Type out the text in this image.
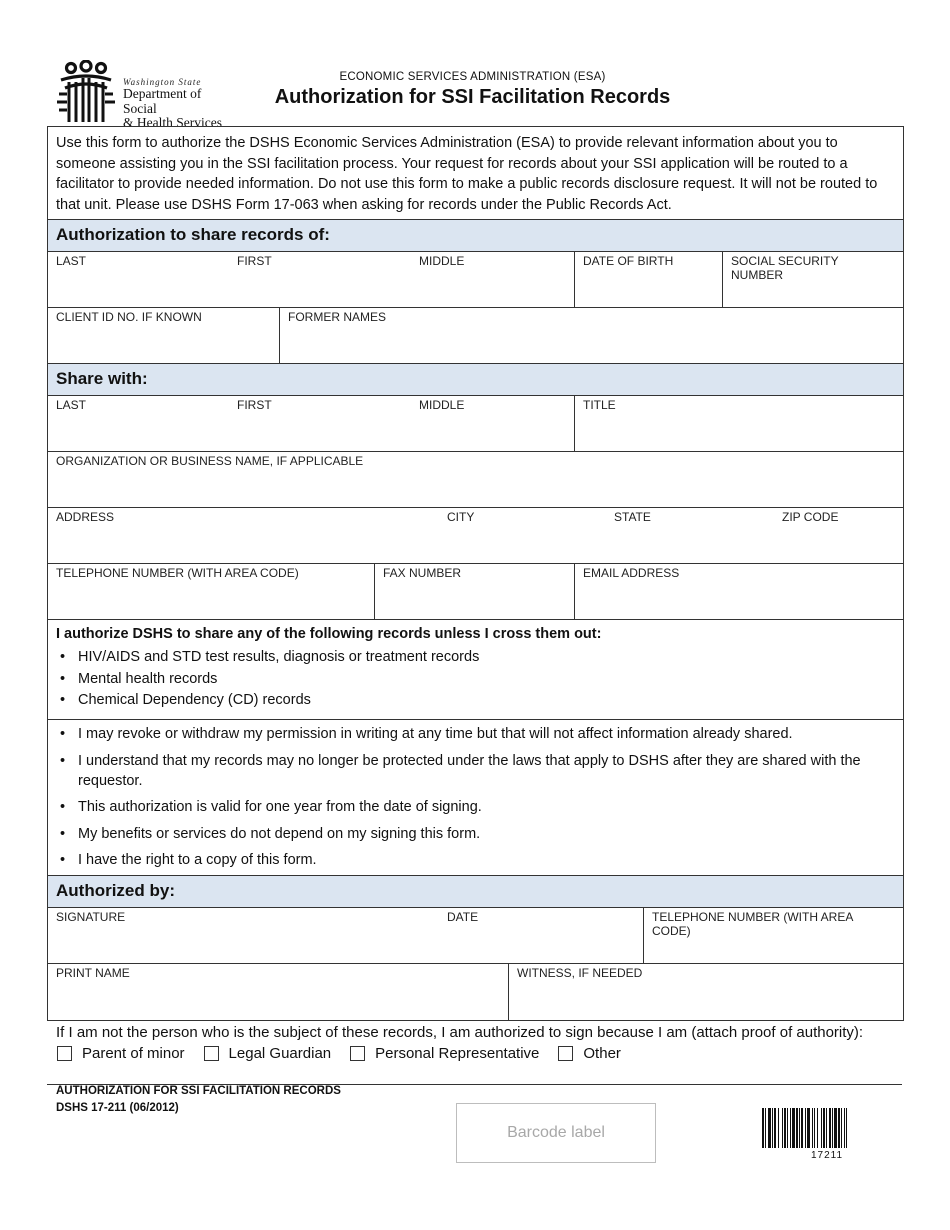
Washington State
Department of Social
& Health Services
ECONOMIC SERVICES ADMINISTRATION (ESA)
Authorization for SSI Facilitation Records
Use this form to authorize the DSHS Economic Services Administration (ESA) to provide relevant information about you to someone assisting you in the SSI facilitation process. Your request for records about your SSI application will be routed to a facilitator to provide needed information. Do not use this form to make a public records disclosure request. It will not be routed to that unit. Please use DSHS Form 17-063 when asking for records under the Public Records Act.
Authorization to share records of:
LAST	FIRST	MIDDLE	DATE OF BIRTH	SOCIAL SECURITY NUMBER
CLIENT ID NO. IF KNOWN	FORMER NAMES
Share with:
LAST	FIRST	MIDDLE	TITLE
ORGANIZATION OR BUSINESS NAME, IF APPLICABLE
ADDRESS	CITY	STATE	ZIP CODE
TELEPHONE NUMBER (WITH AREA CODE)	FAX NUMBER	EMAIL ADDRESS
I authorize DSHS to share any of the following records unless I cross them out:
• HIV/AIDS and STD test results, diagnosis or treatment records
• Mental health records
• Chemical Dependency (CD) records
• I may revoke or withdraw my permission in writing at any time but that will not affect information already shared.
• I understand that my records may no longer be protected under the laws that apply to DSHS after they are shared with the requestor.
• This authorization is valid for one year from the date of signing.
• My benefits or services do not depend on my signing this form.
• I have the right to a copy of this form.
Authorized by:
SIGNATURE	DATE	TELEPHONE NUMBER (WITH AREA CODE)
PRINT NAME	WITNESS, IF NEEDED
If I am not the person who is the subject of these records, I am authorized to sign because I am (attach proof of authority):
Parent of minor	Legal Guardian	Personal Representative	Other
AUTHORIZATION FOR SSI FACILITATION RECORDS
DSHS 17-211 (06/2012)
Barcode label
17211
